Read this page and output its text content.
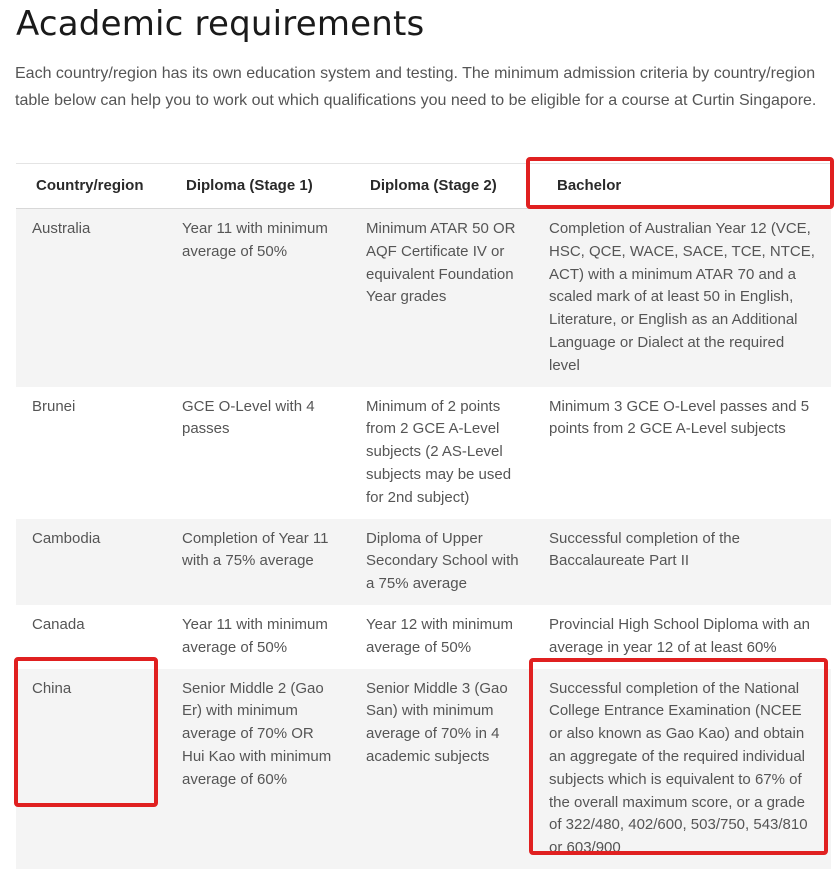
Academic requirements

Each country/region has its own education system and testing. The minimum admission criteria by country/region table below can help you to work out which qualifications you need to be eligible for a course at Curtin Singapore.

Country/region	Diploma (Stage 1)	Diploma (Stage 2)	Bachelor
Australia	Year 11 with minimum average of 50%	Minimum ATAR 50 OR AQF Certificate IV or equivalent Foundation Year grades	Completion of Australian Year 12 (VCE, HSC, QCE, WACE, SACE, TCE, NTCE, ACT) with a minimum ATAR 70 and a scaled mark of at least 50 in English, Literature, or English as an Additional Language or Dialect at the required level
Brunei	GCE O-Level with 4 passes	Minimum of 2 points from 2 GCE A-Level subjects (2 AS-Level subjects may be used for 2nd subject)	Minimum 3 GCE O-Level passes and 5 points from 2 GCE A-Level subjects
Cambodia	Completion of Year 11 with a 75% average	Diploma of Upper Secondary School with a 75% average	Successful completion of the Baccalaureate Part II
Canada	Year 11 with minimum average of 50%	Year 12 with minimum average of 50%	Provincial High School Diploma with an average in year 12 of at least 60%
China	Senior Middle 2 (Gao Er) with minimum average of 70% OR Hui Kao with minimum average of 60%	Senior Middle 3 (Gao San) with minimum average of 70% in 4 academic subjects	Successful completion of the National College Entrance Examination (NCEE or also known as Gao Kao) and obtain an aggregate of the required individual subjects which is equivalent to 67% of the overall maximum score, or a grade of 322/480, 402/600, 503/750, 543/810 or 603/900
